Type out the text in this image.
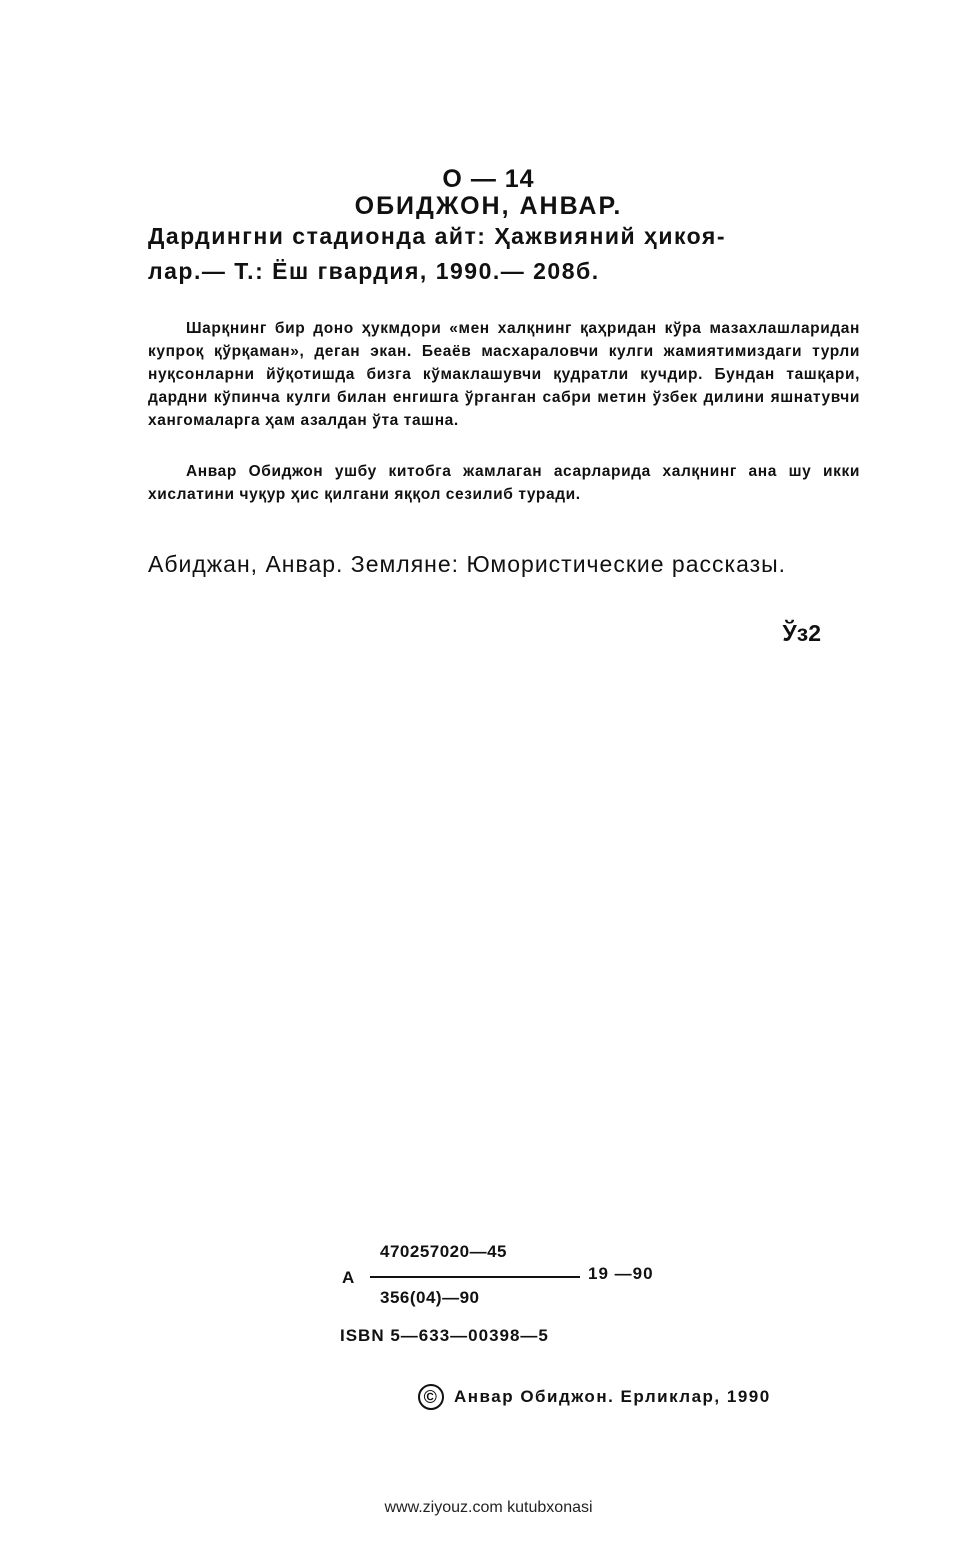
О — 14
ОБИДЖОН, АНВАР.
Дардингни стадионда айт: Ҳажвияний ҳикоя-
лар.— Т.: Ёш гвардия, 1990.— 208б.
Шарқнинг бир доно ҳукмдори «мен халқнинг қаҳридан кўра мазахлашларидан купроқ қўрқаман», деган экан. Беаёв масхараловчи кулги жамиятимиздаги турли нуқсонларни йўқотишда бизга кўмаклашувчи қудратли кучдир. Бундан ташқари, дардни кўпинча кулги билан енгишга ўрганган сабри метин ўзбек дилини яшнатувчи хангомаларга ҳам азалдан ўта ташна.
Анвар Обиджон ушбу китобга жамлаган асарларида халқнинг ана шу икки хислатини чуқур ҳис қилгани яққол сезилиб туради.
Абиджан, Анвар. Земляне: Юмористические рассказы.
Ўз2
А
470257020—45
356(04)—90
19 —90
ISBN 5—633—00398—5
© Анвар Обиджон. Ерликлар, 1990
www.ziyouz.com kutubxonasi
